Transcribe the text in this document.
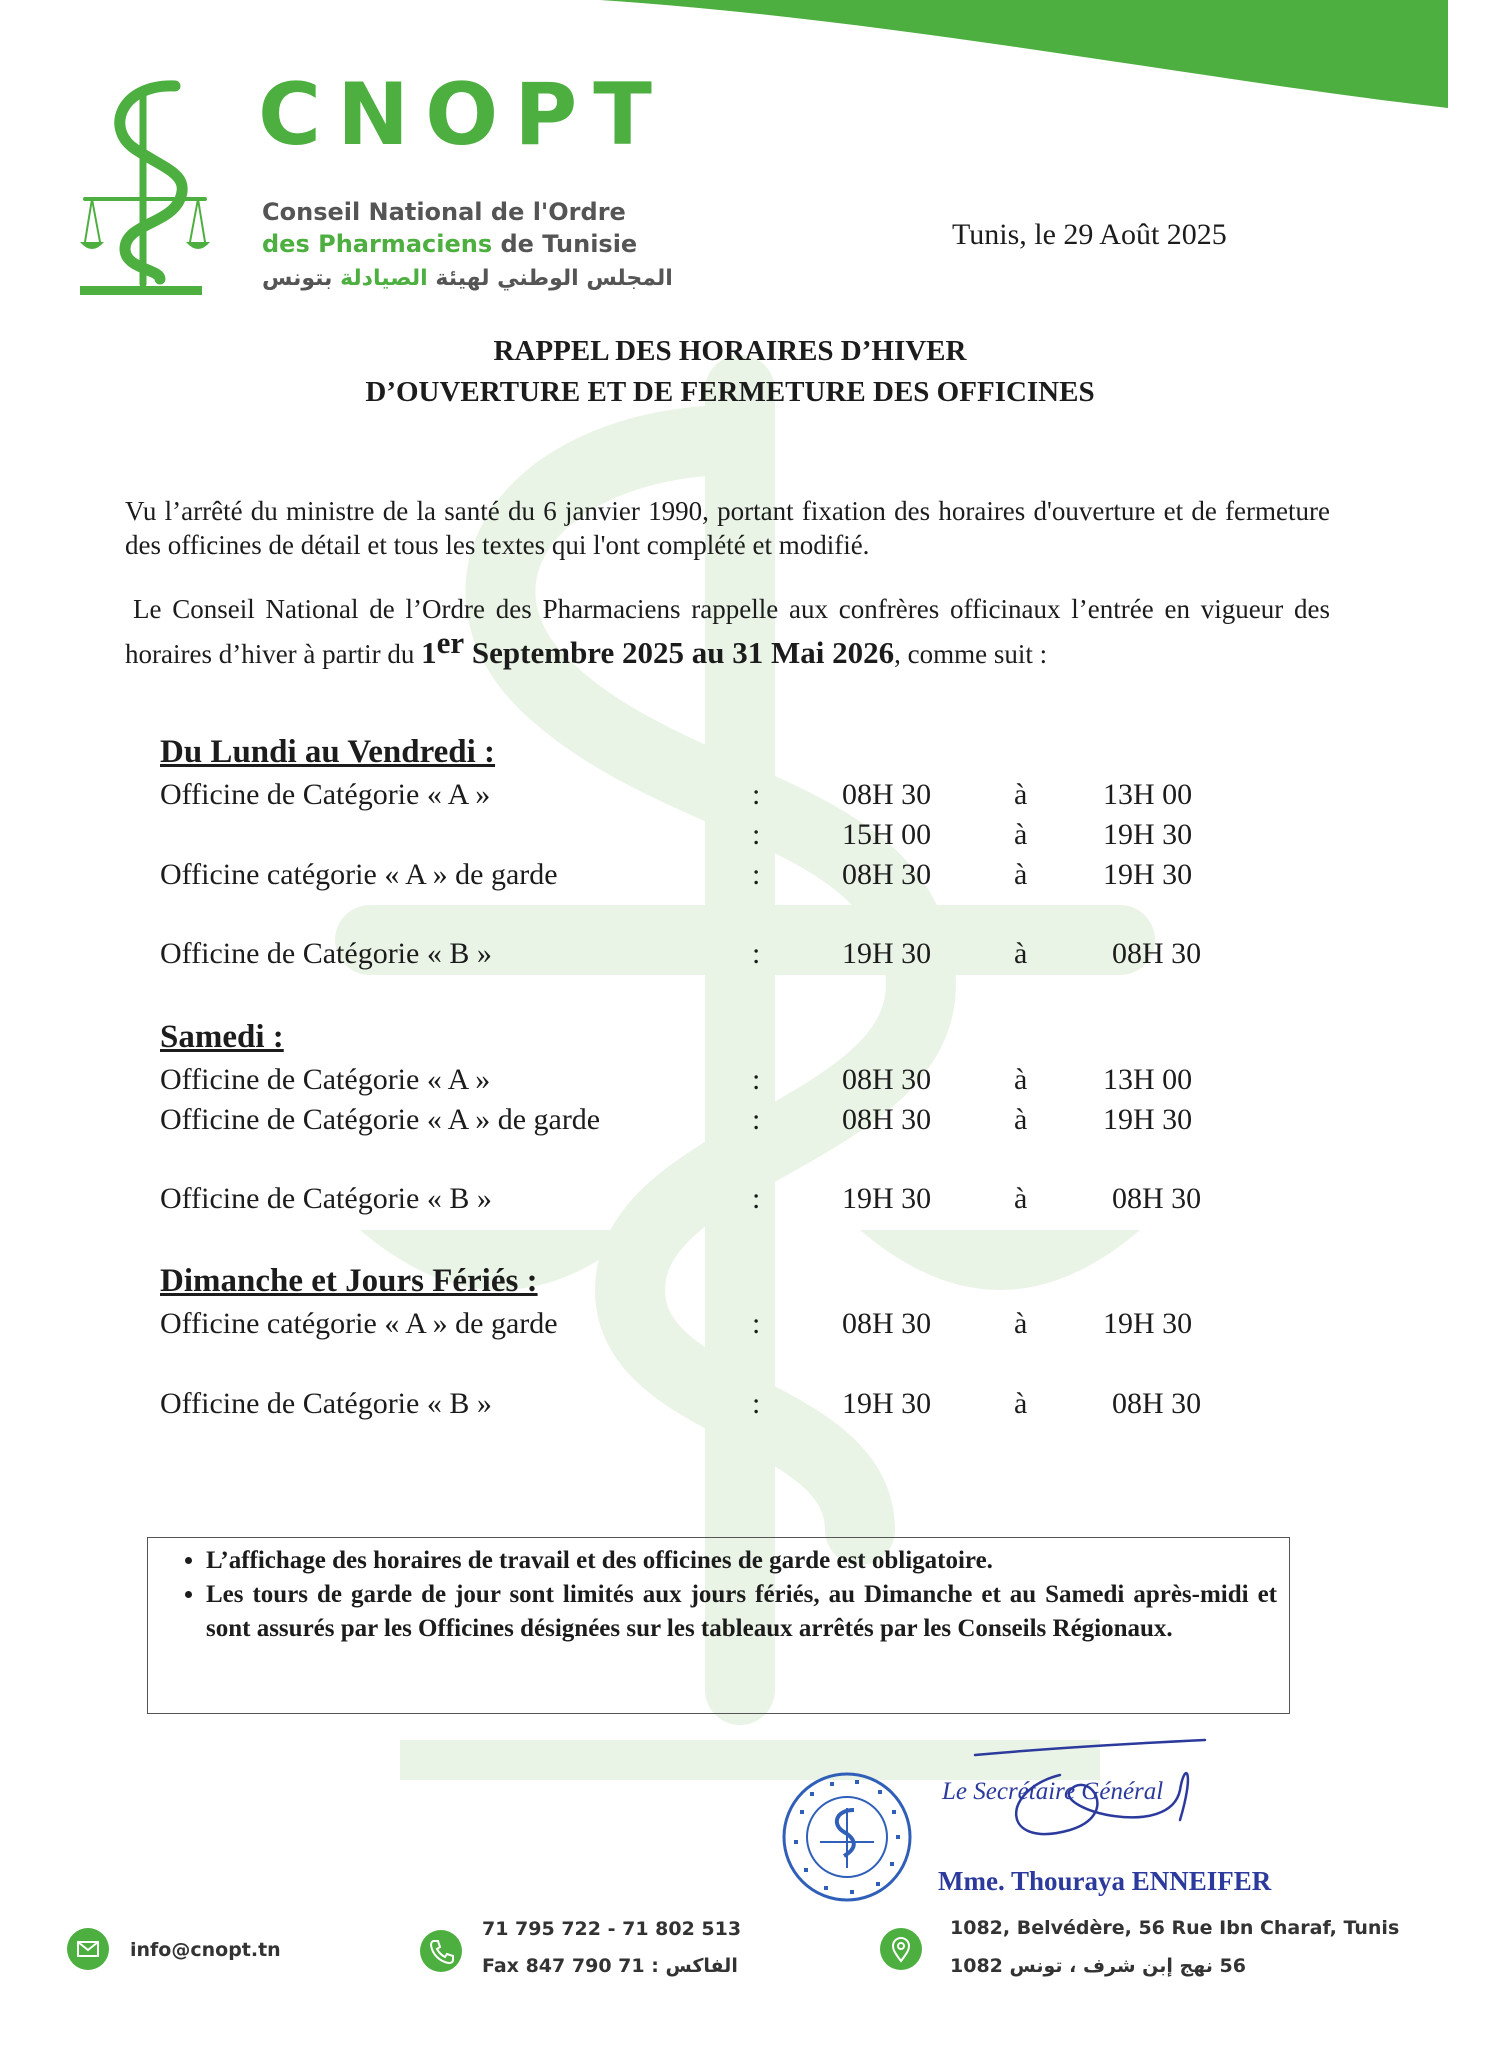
CNOPT
Conseil National de l'Ordre
des Pharmaciens de Tunisie
المجلس الوطني لهيئة الصيادلة بتونس
Tunis, le 29 Août 2025
RAPPEL DES HORAIRES D’HIVER
D’OUVERTURE ET DE FERMETURE DES OFFICINES
Vu l’arrêté du ministre de la santé du 6 janvier 1990, portant fixation des horaires d'ouverture et de fermeture des officines de détail et tous les textes qui l'ont complété et modifié.
Le Conseil National de l’Ordre des Pharmaciens rappelle aux confrères officinaux l’entrée en vigueur des horaires d’hiver à partir du 1er Septembre 2025 au 31 Mai 2026, comme suit :
Du Lundi au Vendredi :
Officine de Catégorie « A »	:	08H 30	à	13H 00
:	15H 00	à	19H 30
Officine catégorie « A » de garde	:	08H 30	à	19H 30
Officine de Catégorie « B »	:	19H 30	à	08H 30
Samedi :
Officine de Catégorie « A »	:	08H 30	à	13H 00
Officine de Catégorie « A » de garde	:	08H 30	à	19H 30
Officine de Catégorie « B »	:	19H 30	à	08H 30
Dimanche et Jours Fériés :
Officine catégorie « A » de garde	:	08H 30	à	19H 30
Officine de Catégorie « B »	:	19H 30	à	08H 30
• L’affichage des horaires de travail et des officines de garde est obligatoire.
• Les tours de garde de jour sont limités aux jours fériés, au Dimanche et au Samedi après-midi et sont assurés par les Officines désignées sur les tableaux arrêtés par les Conseils Régionaux.
Le Secrétaire Général
Mme. Thouraya ENNEIFER
info@cnopt.tn
71 795 722 - 71 802 513
Fax	الفاكس : 71 790 847
1082, Belvédère, 56 Rue Ibn Charaf, Tunis
56 نهج إبن شرف ، تونس 1082
